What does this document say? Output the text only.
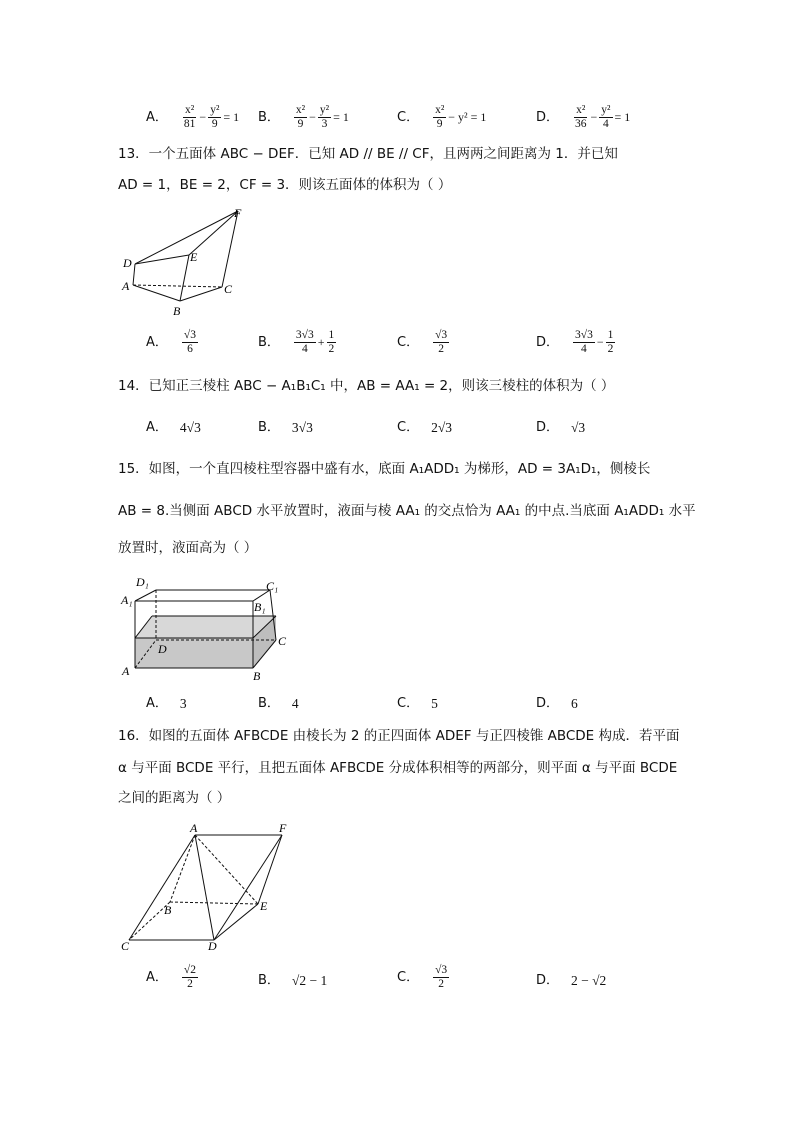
A． $\frac{\text{x²}}{81} - \frac{\text{y²}}{9} = 1$ B． $\frac{\text{x²}}{9} - \frac{\text{y²}}{3} = 1$	C． $\frac{\text{x²}}{9} - y^2 = 1$	D． $\frac{\text{x²}}{36} - \frac{\text{y²}}{4} = 1$
13．一个五面体 ABC − DEF．已知 AD // BE // CF，且两两之间距离为 1．并已知
AD = 1，BE = 2，CF = 3．则该五面体的体积为（ ）
F
E
D
A	C
B
A． $\frac{√3}{6}$	B． $\frac{3√3}{4} + \frac{1}{2}$	C． $\frac{√3}{2}$	D． $\frac{3√3}{4} - \frac{1}{2}$
14．已知正三棱柱 ABC − A₁B₁C₁ 中，AB = AA₁ = 2，则该三棱柱的体积为（ ）
A． 4√3	B． 3√3	C． 2√3	D． √3
15．如图，一个直四棱柱型容器中盛有水，底面 A₁ADD₁ 为梯形，AD = 3A₁D₁，侧棱长
AB = 8.当侧面 ABCD 水平放置时，液面与棱 AA₁ 的交点恰为 AA₁ 的中点.当底面 A₁ADD₁ 水平
放置时，液面高为（ ）
D₁	C₁
A₁	B₁
D
C
A	B
A． 3	B． 4	C． 5	D． 6
16．如图的五面体 AFBCDE 由棱长为 2 的正四面体 ADEF 与正四棱锥 ABCDE 构成．若平面
α 与平面 BCDE 平行，且把五面体 AFBCDE 分成体积相等的两部分，则平面 α 与平面 BCDE
之间的距离为（ ）
A	F
B	E
C	D
A． $\frac{√2}{2}$	B． √2 − 1	C． $\frac{√3}{2}$	D． 2 − √2
